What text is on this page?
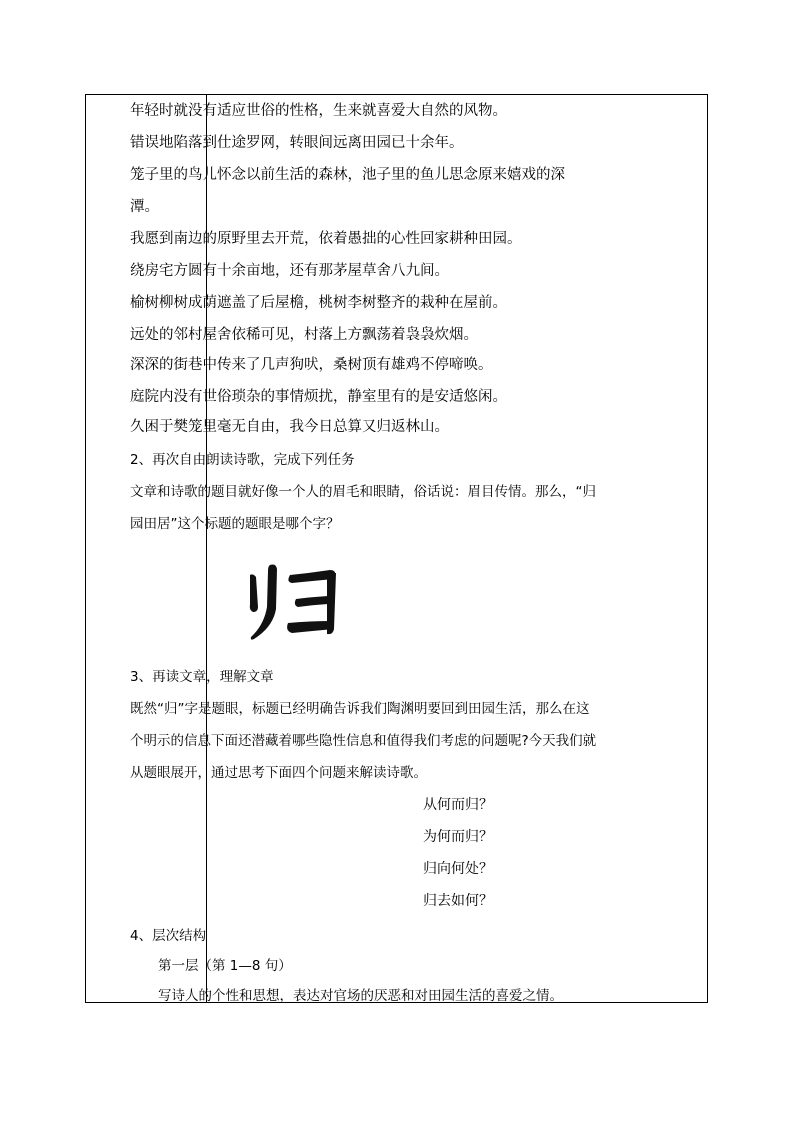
年轻时就没有适应世俗的性格，生来就喜爱大自然的风物。
错误地陷落到仕途罗网，转眼间远离田园已十余年。
笼子里的鸟儿怀念以前生活的森林，池子里的鱼儿思念原来嬉戏的深
潭。
我愿到南边的原野里去开荒，依着愚拙的心性回家耕种田园。
绕房宅方圆有十余亩地，还有那茅屋草舍八九间。
榆树柳树成荫遮盖了后屋檐，桃树李树整齐的栽种在屋前。
远处的邻村屋舍依稀可见，村落上方飘荡着袅袅炊烟。
深深的街巷中传来了几声狗吠，桑树顶有雄鸡不停啼唤。
庭院内没有世俗琐杂的事情烦扰，静室里有的是安适悠闲。
久困于樊笼里毫无自由，我今日总算又归返林山。
2、再次自由朗读诗歌，完成下列任务
文章和诗歌的题目就好像一个人的眉毛和眼睛，俗话说：眉目传情。那么，“归
园田居”这个标题的题眼是哪个字？
3、再读文章，理解文章
既然“归”字是题眼，标题已经明确告诉我们陶渊明要回到田园生活，那么在这
个明示的信息下面还潜藏着哪些隐性信息和值得我们考虑的问题呢?今天我们就
从题眼展开，通过思考下面四个问题来解读诗歌。
从何而归？
为何而归？
归向何处？
归去如何？
4、层次结构
第一层（第 1—8 句）
写诗人的个性和思想，表达对官场的厌恶和对田园生活的喜爱之情。
